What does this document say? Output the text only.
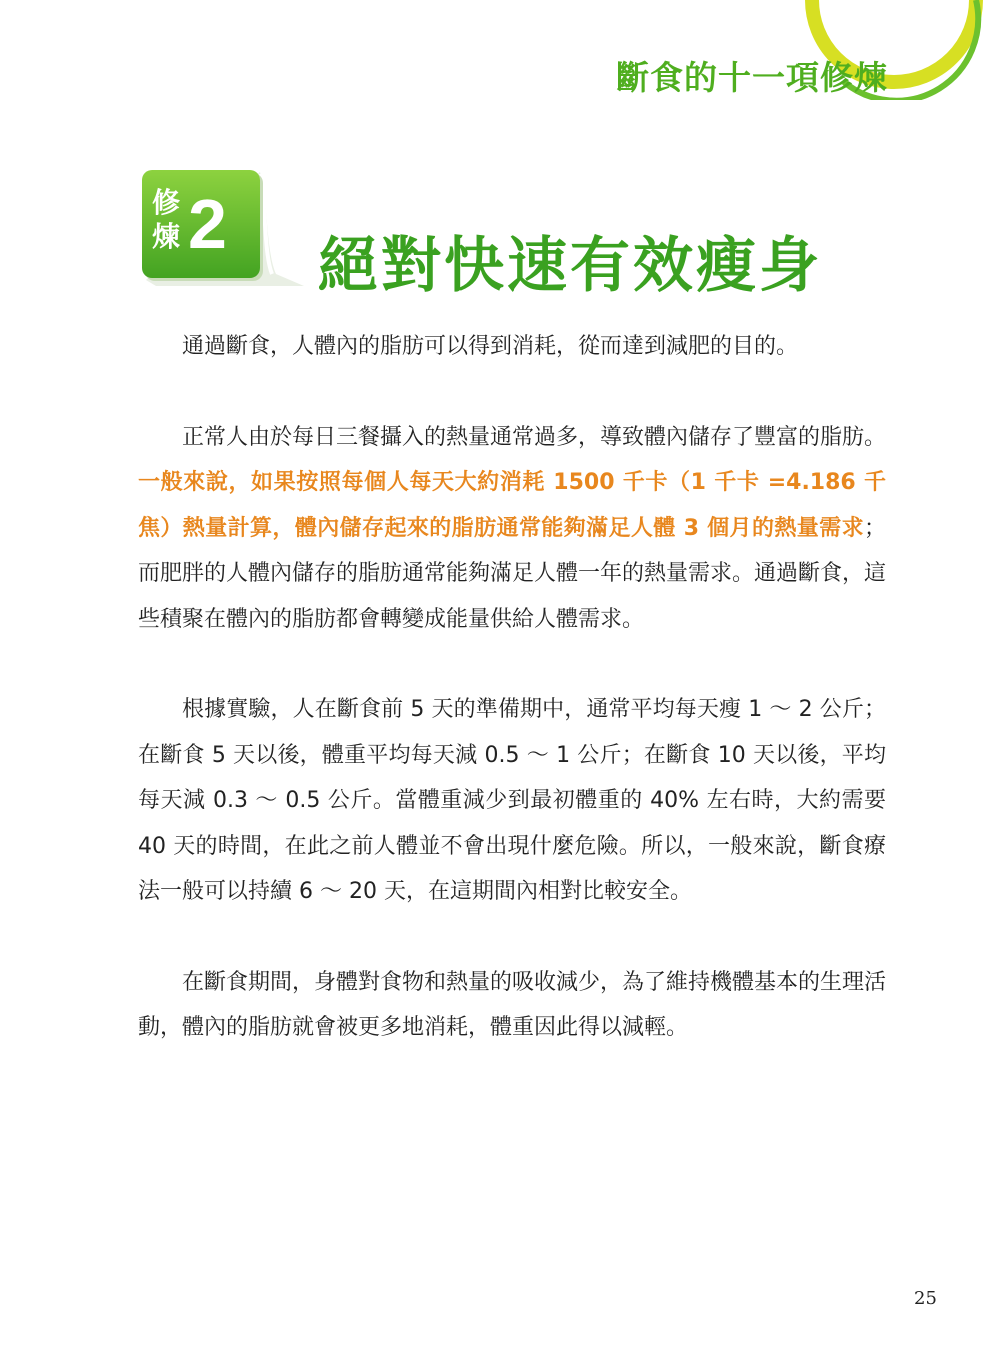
斷食的十一項修煉
修煉 2
絕對快速有效瘦身

通過斷食，人體內的脂肪可以得到消耗，從而達到減肥的目的。

正常人由於每日三餐攝入的熱量通常過多，導致體內儲存了豐富的脂肪。一般來說，如果按照每個人每天大約消耗 1500 千卡（1 千卡 =4.186 千焦）熱量計算，體內儲存起來的脂肪通常能夠滿足人體 3 個月的熱量需求；而肥胖的人體內儲存的脂肪通常能夠滿足人體一年的熱量需求。通過斷食，這些積聚在體內的脂肪都會轉變成能量供給人體需求。

根據實驗，人在斷食前 5 天的準備期中，通常平均每天瘦 1 ～ 2 公斤；在斷食 5 天以後，體重平均每天減 0.5 ～ 1 公斤；在斷食 10 天以後，平均每天減 0.3 ～ 0.5 公斤。當體重減少到最初體重的 40% 左右時，大約需要 40 天的時間，在此之前人體並不會出現什麼危險。所以，一般來說，斷食療法一般可以持續 6 ～ 20 天，在這期間內相對比較安全。

在斷食期間，身體對食物和熱量的吸收減少，為了維持機體基本的生理活動，體內的脂肪就會被更多地消耗，體重因此得以減輕。

25
